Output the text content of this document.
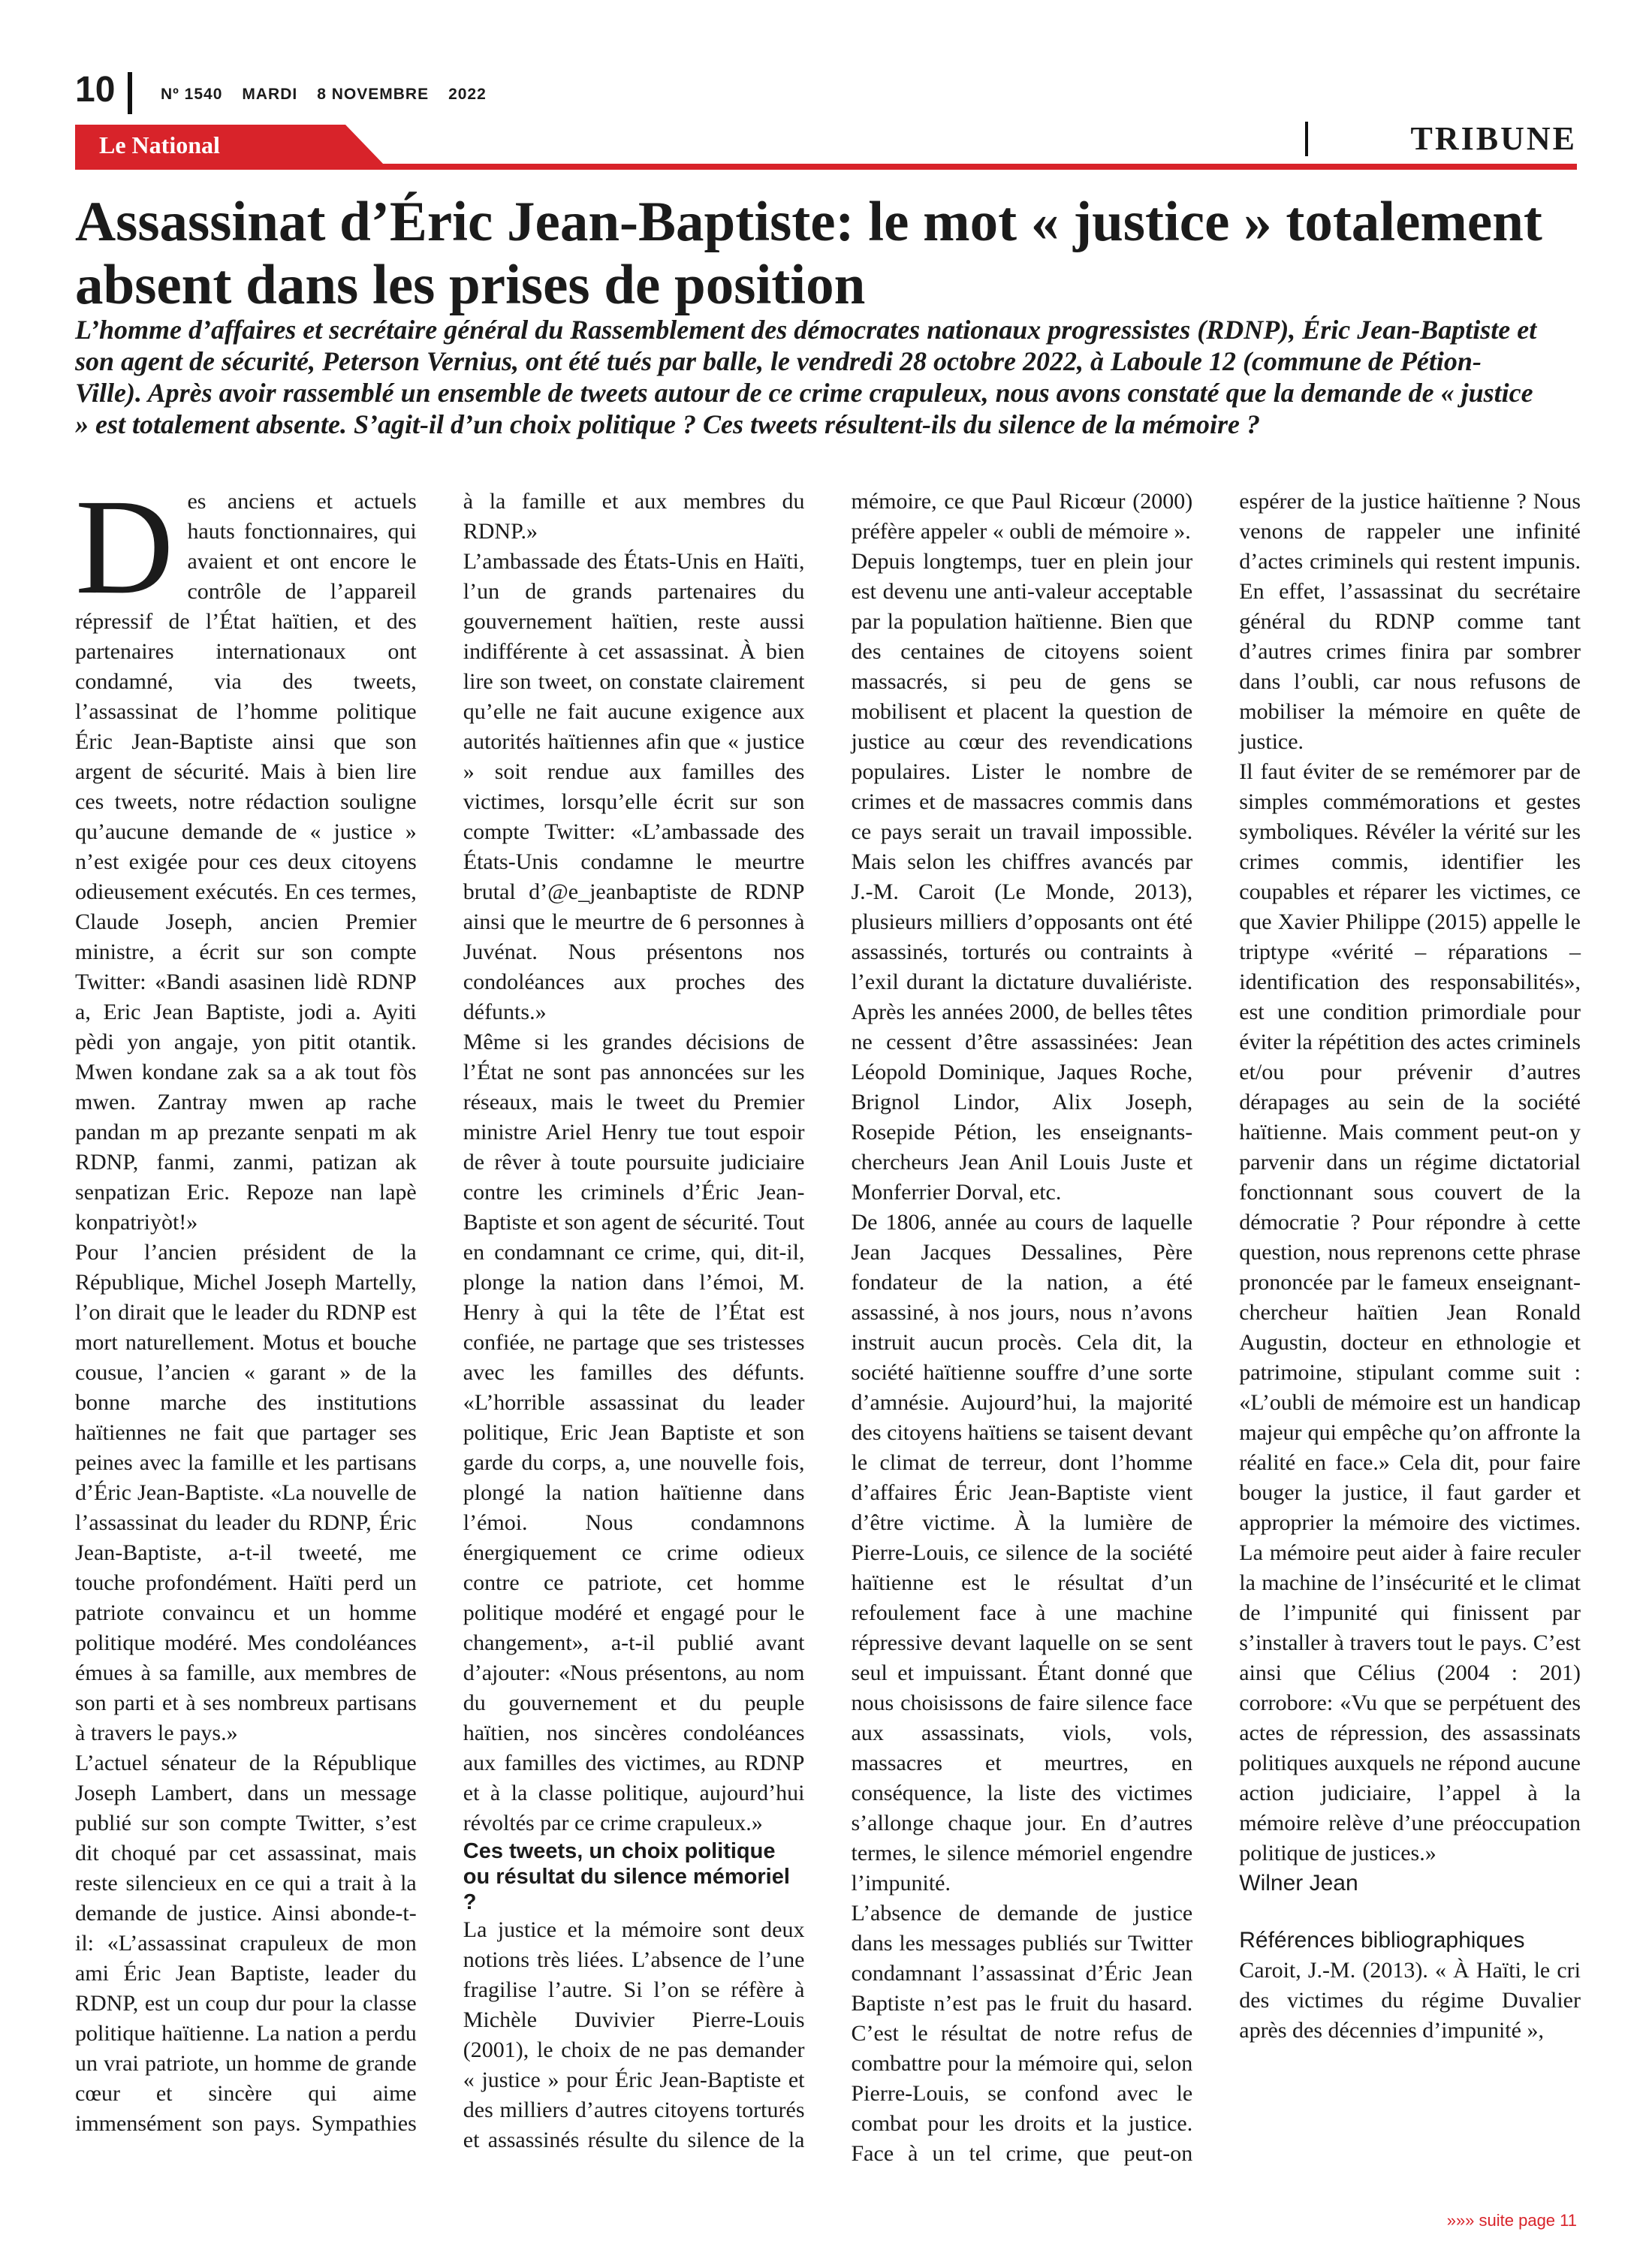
10	Nº 1540 MARDI 8 NOVEMBRE 2022
Le National	TRIBUNE
Assassinat d’Éric Jean-Baptiste: le mot « justice » totalement absent dans les prises de position

L’homme d’affaires et secrétaire général du Rassemblement des démocrates nationaux progressistes (RDNP), Éric Jean-Baptiste et son agent de sécurité, Peterson Vernius, ont été tués par balle, le vendredi 28 octobre 2022, à Laboule 12 (commune de Pétion-Ville). Après avoir rassemblé un ensemble de tweets autour de ce crime crapuleux, nous avons constaté que la demande de « justice » est totalement absente. S’agit-il d’un choix politique ? Ces tweets résultent-ils du silence de la mémoire ?

Des anciens et actuels hauts fonctionnaires, qui avaient et ont encore le contrôle de l’appareil répressif de l’État haïtien, et des partenaires internationaux ont condamné, via des tweets, l’assassinat de l’homme politique Éric Jean-Baptiste ainsi que son argent de sécurité. Mais à bien lire ces tweets, notre rédaction souligne qu’aucune demande de « justice » n’est exigée pour ces deux citoyens odieusement exécutés. En ces termes, Claude Joseph, ancien Premier ministre, a écrit sur son compte Twitter: «Bandi asasinen lidè RDNP a, Eric Jean Baptiste, jodi a. Ayiti pèdi yon angaje, yon pitit otantik. Mwen kondane zak sa a ak tout fòs mwen. Zantray mwen ap rache pandan m ap prezante senpati m ak RDNP, fanmi, zanmi, patizan ak senpatizan Eric. Repoze nan lapè konpatriyòt!»

Pour l’ancien président de la République, Michel Joseph Martelly, l’on dirait que le leader du RDNP est mort naturellement. Motus et bouche cousue, l’ancien « garant » de la bonne marche des institutions haïtiennes ne fait que partager ses peines avec la famille et les partisans d’Éric Jean-Baptiste. «La nouvelle de l’assassinat du leader du RDNP, Éric Jean-Baptiste, a-t-il tweeté, me touche profondément. Haïti perd un patriote convaincu et un homme politique modéré. Mes condoléances émues à sa famille, aux membres de son parti et à ses nombreux partisans à travers le pays.»

L’actuel sénateur de la République Joseph Lambert, dans un message publié sur son compte Twitter, s’est dit choqué par cet assassinat, mais reste silencieux en ce qui a trait à la demande de justice. Ainsi abonde-t-il: «L’assassinat crapuleux de mon ami Éric Jean Baptiste, leader du RDNP, est un coup dur pour la classe politique haïtienne. La nation a perdu un vrai patriote, un homme de grande cœur et sincère qui aime immensément son pays. Sympathies à la famille et aux membres du RDNP.»

L’ambassade des États-Unis en Haïti, l’un de grands partenaires du gouvernement haïtien, reste aussi indifférente à cet assassinat. À bien lire son tweet, on constate clairement qu’elle ne fait aucune exigence aux autorités haïtiennes afin que « justice » soit rendue aux familles des victimes, lorsqu’elle écrit sur son compte Twitter: «L’ambassade des États-Unis condamne le meurtre brutal d’@e_jeanbaptiste de RDNP ainsi que le meurtre de 6 personnes à Juvénat. Nous présentons nos condoléances aux proches des défunts.»

Même si les grandes décisions de l’État ne sont pas annoncées sur les réseaux, mais le tweet du Premier ministre Ariel Henry tue tout espoir de rêver à toute poursuite judiciaire contre les criminels d’Éric Jean-Baptiste et son agent de sécurité. Tout en condamnant ce crime, qui, dit-il, plonge la nation dans l’émoi, M. Henry à qui la tête de l’État est confiée, ne partage que ses tristesses avec les familles des défunts. «L’horrible assassinat du leader politique, Eric Jean Baptiste et son garde du corps, a, une nouvelle fois, plongé la nation haïtienne dans l’émoi. Nous condamnons énergiquement ce crime odieux contre ce patriote, cet homme politique modéré et engagé pour le changement», a-t-il publié avant d’ajouter: «Nous présentons, au nom du gouvernement et du peuple haïtien, nos sincères condoléances aux familles des victimes, au RDNP et à la classe politique, aujourd’hui révoltés par ce crime crapuleux.»

Ces tweets, un choix politique ou résultat du silence mémoriel ?

La justice et la mémoire sont deux notions très liées. L’absence de l’une fragilise l’autre. Si l’on se réfère à Michèle Duvivier Pierre-Louis (2001), le choix de ne pas demander « justice » pour Éric Jean-Baptiste et des milliers d’autres citoyens torturés et assassinés résulte du silence de la mémoire, ce que Paul Ricœur (2000) préfère appeler « oubli de mémoire ».

Depuis longtemps, tuer en plein jour est devenu une anti-valeur acceptable par la population haïtienne. Bien que des centaines de citoyens soient massacrés, si peu de gens se mobilisent et placent la question de justice au cœur des revendications populaires. Lister le nombre de crimes et de massacres commis dans ce pays serait un travail impossible. Mais selon les chiffres avancés par J.-M. Caroit (Le Monde, 2013), plusieurs milliers d’opposants ont été assassinés, torturés ou contraints à l’exil durant la dictature duvaliériste. Après les années 2000, de belles têtes ne cessent d’être assassinées: Jean Léopold Dominique, Jaques Roche, Brignol Lindor, Alix Joseph, Rosepide Pétion, les enseignants-chercheurs Jean Anil Louis Juste et Monferrier Dorval, etc.

De 1806, année au cours de laquelle Jean Jacques Dessalines, Père fondateur de la nation, a été assassiné, à nos jours, nous n’avons instruit aucun procès. Cela dit, la société haïtienne souffre d’une sorte d’amnésie. Aujourd’hui, la majorité des citoyens haïtiens se taisent devant le climat de terreur, dont l’homme d’affaires Éric Jean-Baptiste vient d’être victime. À la lumière de Pierre-Louis, ce silence de la société haïtienne est le résultat d’un refoulement face à une machine répressive devant laquelle on se sent seul et impuissant. Étant donné que nous choisissons de faire silence face aux assassinats, viols, vols, massacres et meurtres, en conséquence, la liste des victimes s’allonge chaque jour. En d’autres termes, le silence mémoriel engendre l’impunité.

L’absence de demande de justice dans les messages publiés sur Twitter condamnant l’assassinat d’Éric Jean Baptiste n’est pas le fruit du hasard. C’est le résultat de notre refus de combattre pour la mémoire qui, selon Pierre-Louis, se confond avec le combat pour les droits et la justice. Face à un tel crime, que peut-on espérer de la justice haïtienne ? Nous venons de rappeler une infinité d’actes criminels qui restent impunis. En effet, l’assassinat du secrétaire général du RDNP comme tant d’autres crimes finira par sombrer dans l’oubli, car nous refusons de mobiliser la mémoire en quête de justice.

Il faut éviter de se remémorer par de simples commémorations et gestes symboliques. Révéler la vérité sur les crimes commis, identifier les coupables et réparer les victimes, ce que Xavier Philippe (2015) appelle le triptype «vérité – réparations – identification des responsabilités», est une condition primordiale pour éviter la répétition des actes criminels et/ou pour prévenir d’autres dérapages au sein de la société haïtienne. Mais comment peut-on y parvenir dans un régime dictatorial fonctionnant sous couvert de la démocratie ? Pour répondre à cette question, nous reprenons cette phrase prononcée par le fameux enseignant-chercheur haïtien Jean Ronald Augustin, docteur en ethnologie et patrimoine, stipulant comme suit : «L’oubli de mémoire est un handicap majeur qui empêche qu’on affronte la réalité en face.» Cela dit, pour faire bouger la justice, il faut garder et approprier la mémoire des victimes. La mémoire peut aider à faire reculer la machine de l’insécurité et le climat de l’impunité qui finissent par s’installer à travers tout le pays. C’est ainsi que Célius (2004 : 201) corrobore: «Vu que se perpétuent des actes de répression, des assassinats politiques auxquels ne répond aucune action judiciaire, l’appel à la mémoire relève d’une préoccupation politique de justices.»

Wilner Jean

Références bibliographiques

Caroit, J.-M. (2013). « À Haïti, le cri des victimes du régime Duvalier après des décennies d’impunité »,

»»» suite page 11
